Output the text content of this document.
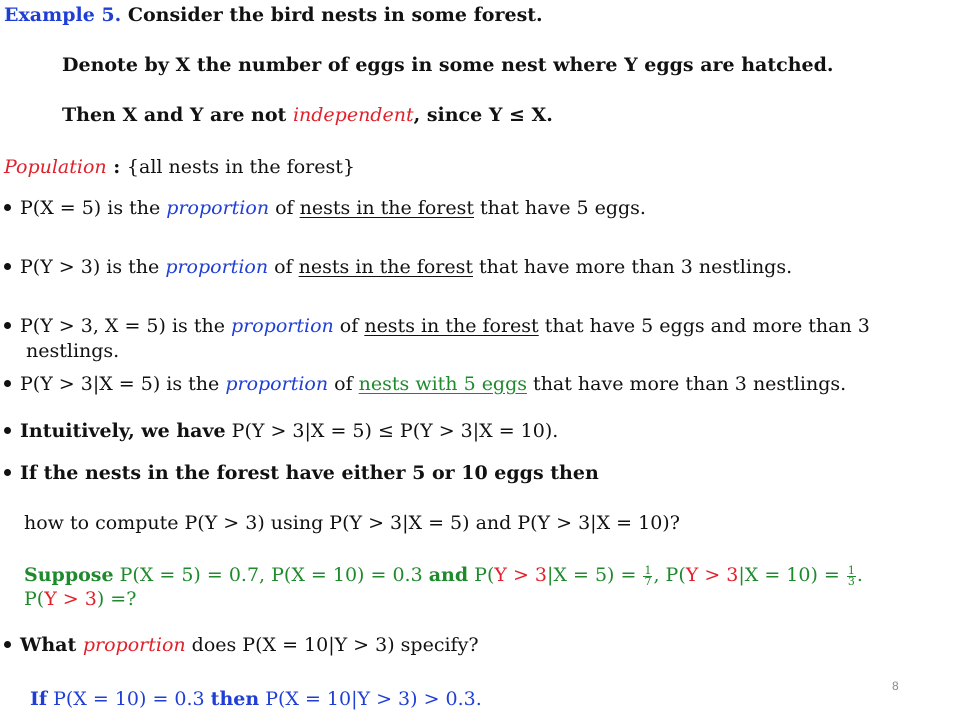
Example 5. Consider the bird nests in some forest.
Denote by X the number of eggs in some nest where Y eggs are hatched.
Then X and Y are not independent, since Y ≤ X.
Population : {all nests in the forest}
P(X = 5) is the proportion of nests in the forest that have 5 eggs.
P(Y > 3) is the proportion of nests in the forest that have more than 3 nestlings.
P(Y > 3, X = 5) is the proportion of nests in the forest that have 5 eggs and more than 3
nestlings.
P(Y > 3|X = 5) is the proportion of nests with 5 eggs that have more than 3 nestlings.
Intuitively, we have P(Y > 3|X = 5) ≤ P(Y > 3|X = 10).
If the nests in the forest have either 5 or 10 eggs then
how to compute P(Y > 3) using P(Y > 3|X = 5) and P(Y > 3|X = 10)?
Suppose P(X = 5) = 0.7, P(X = 10) = 0.3 and $P(Y > 3|X = 5) = \frac{1}{7}$ , $P(Y > 3|X = 10) = \frac{1}{3}$ .
P(Y > 3) =?
What proportion does P(X = 10|Y > 3) specify?
If P(X = 10) = 0.3 then P(X = 10|Y > 3) > 0.3.
8
